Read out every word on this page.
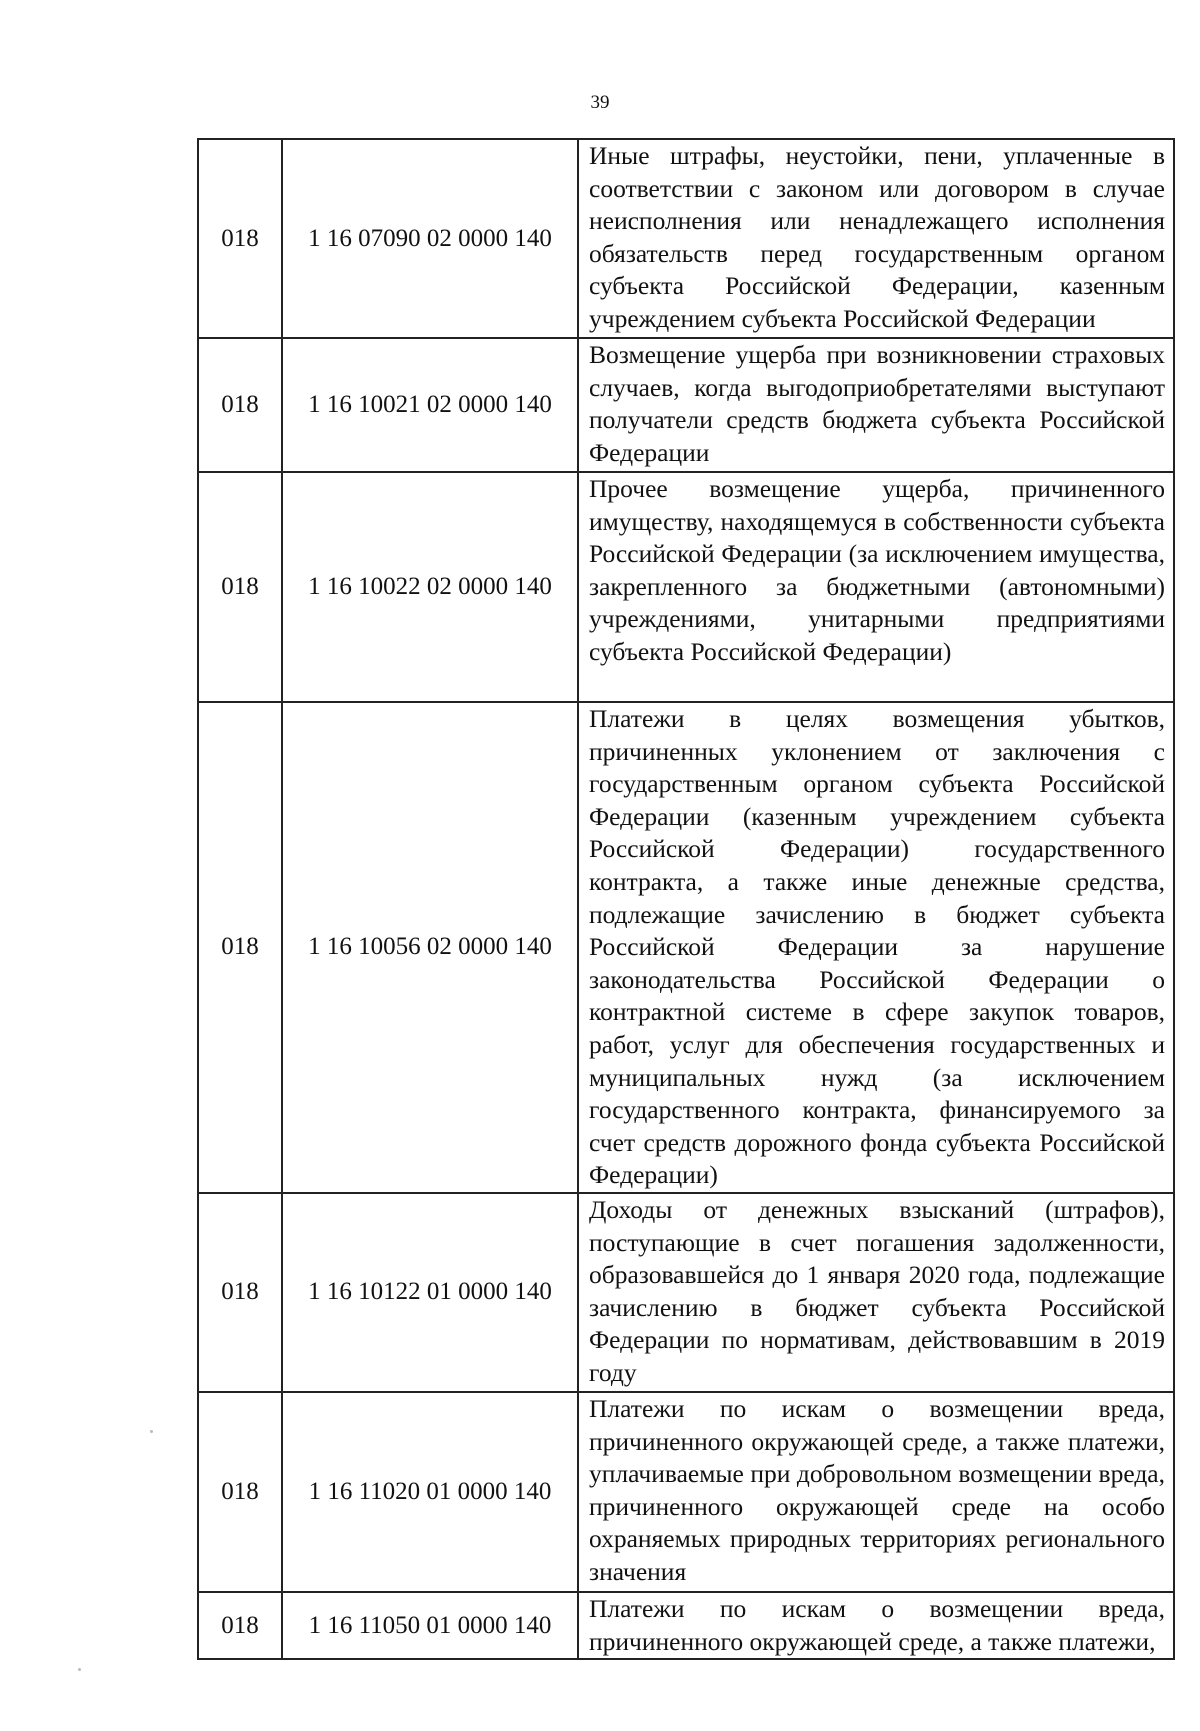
39
018	1 16 07090 02 0000 140	Иные штрафы, неустойки, пени, уплаченные в соответствии с законом или договором в случае неисполнения или ненадлежащего исполнения обязательств перед государственным органом субъекта Российской Федерации, казенным учреждением субъекта Российской Федерации
018	1 16 10021 02 0000 140	Возмещение ущерба при возникновении страховых случаев, когда выгодоприобретателями выступают получатели средств бюджета субъекта Российской Федерации
018	1 16 10022 02 0000 140	Прочее возмещение ущерба, причиненного имуществу, находящемуся в собственности субъекта Российской Федерации (за исключением имущества, закрепленного за бюджетными (автономными) учреждениями, унитарными предприятиями субъекта Российской Федерации)
018	1 16 10056 02 0000 140	Платежи в целях возмещения убытков, причиненных уклонением от заключения с государственным органом субъекта Российской Федерации (казенным учреждением субъекта Российской Федерации) государственного контракта, а также иные денежные средства, подлежащие зачислению в бюджет субъекта Российской Федерации за нарушение законодательства Российской Федерации о контрактной системе в сфере закупок товаров, работ, услуг для обеспечения государственных и муниципальных нужд (за исключением государственного контракта, финансируемого за счет средств дорожного фонда субъекта Российской Федерации)
018	1 16 10122 01 0000 140	Доходы от денежных взысканий (штрафов), поступающие в счет погашения задолженности, образовавшейся до 1 января 2020 года, подлежащие зачислению в бюджет субъекта Российской Федерации по нормативам, действовавшим в 2019 году
018	1 16 11020 01 0000 140	Платежи по искам о возмещении вреда, причиненного окружающей среде, а также платежи, уплачиваемые при добровольном возмещении вреда, причиненного окружающей среде на особо охраняемых природных территориях регионального значения
018	1 16 11050 01 0000 140	Платежи по искам о возмещении вреда, причиненного окружающей среде, а также платежи,
